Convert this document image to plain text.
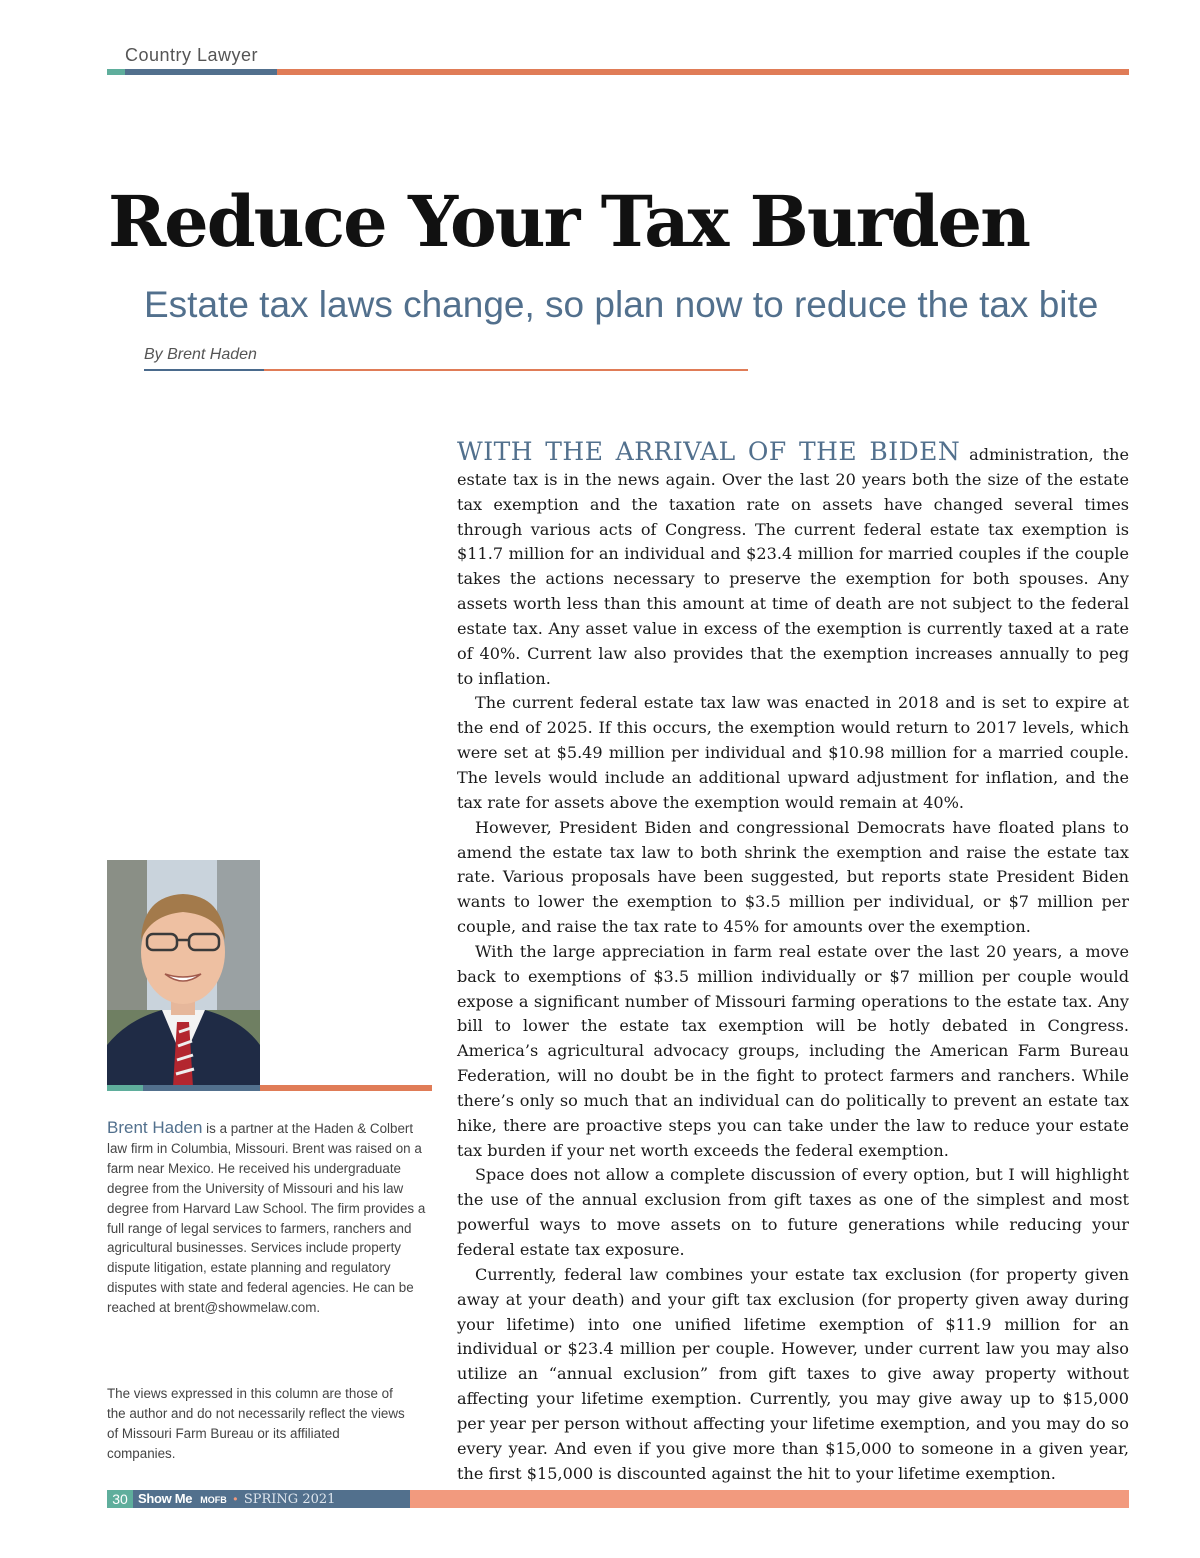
Country Lawyer
Reduce Your Tax Burden
Estate tax laws change, so plan now to reduce the tax bite
By Brent Haden
Brent Haden is a partner at the Haden & Colbert law firm in Columbia, Missouri. Brent was raised on a farm near Mexico. He received his undergraduate degree from the University of Missouri and his law degree from Harvard Law School. The firm provides a full range of legal services to farmers, ranchers and agricultural businesses. Services include property dispute litigation, estate planning and regulatory disputes with state and federal agencies. He can be reached at brent@showmelaw.com.
The views expressed in this column are those of the author and do not necessarily reflect the views of Missouri Farm Bureau or its affiliated companies.

WITH THE ARRIVAL OF THE BIDEN administration, the estate tax is in the news again. Over the last 20 years both the size of the estate tax exemption and the taxation rate on assets have changed several times through various acts of Congress. The current federal estate tax exemption is $11.7 million for an individual and $23.4 million for married couples if the couple takes the actions necessary to preserve the exemption for both spouses. Any assets worth less than this amount at time of death are not subject to the federal estate tax. Any asset value in excess of the exemption is currently taxed at a rate of 40%. Current law also provides that the exemption increases annually to peg to inflation.

The current federal estate tax law was enacted in 2018 and is set to expire at the end of 2025. If this occurs, the exemption would return to 2017 levels, which were set at $5.49 million per individual and $10.98 million for a married couple. The levels would include an additional upward adjustment for inflation, and the tax rate for assets above the exemption would remain at 40%.

However, President Biden and congressional Democrats have floated plans to amend the estate tax law to both shrink the exemption and raise the estate tax rate. Various proposals have been suggested, but reports state President Biden wants to lower the exemption to $3.5 million per individual, or $7 million per couple, and raise the tax rate to 45% for amounts over the exemption.

With the large appreciation in farm real estate over the last 20 years, a move back to exemptions of $3.5 million individually or $7 million per couple would expose a significant number of Missouri farming operations to the estate tax. Any bill to lower the estate tax exemption will be hotly debated in Congress. America’s agricultural advocacy groups, including the American Farm Bureau Federation, will no doubt be in the fight to protect farmers and ranchers. While there’s only so much that an individual can do politically to prevent an estate tax hike, there are proactive steps you can take under the law to reduce your estate tax burden if your net worth exceeds the federal exemption.

Space does not allow a complete discussion of every option, but I will highlight the use of the annual exclusion from gift taxes as one of the simplest and most powerful ways to move assets on to future generations while reducing your federal estate tax exposure.

Currently, federal law combines your estate tax exclusion (for property given away at your death) and your gift tax exclusion (for property given away during your lifetime) into one unified lifetime exemption of $11.9 million for an individual or $23.4 million per couple. However, under current law you may also utilize an “annual exclusion” from gift taxes to give away property without affecting your lifetime exemption. Currently, you may give away up to $15,000 per year per person without affecting your lifetime exemption, and you may do so every year. And even if you give more than $15,000 to someone in a given year, the first $15,000 is discounted against the hit to your lifetime exemption.

30 Show Me MOFB • SPRING 2021
